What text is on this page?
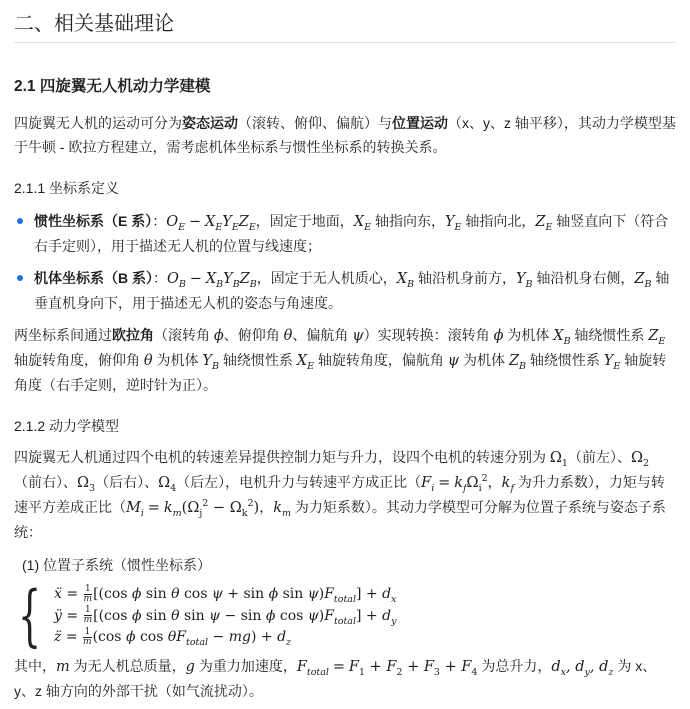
二、相关基础理论
2.1 四旋翼无人机动力学建模

四旋翼无人机的运动可分为姿态运动（滚转、俯仰、偏航）与位置运动（x、y、z 轴平移），其动力学模型基于牛顿 - 欧拉方程建立，需考虑机体坐标系与惯性坐标系的转换关系。

2.1.1 坐标系定义
惯性坐标系（E 系）：$O_E - X_EY_EZ_E$，固定于地面，$X_E$ 轴指向东，$Y_E$ 轴指向北，$Z_E$ 轴竖直向下（符合右手定则），用于描述无人机的位置与线速度；
机体坐标系（B 系）：$O_B - X_BY_BZ_B$，固定于无人机质心，$X_B$ 轴沿机身前方，$Y_B$ 轴沿机身右侧，$Z_B$ 轴垂直机身向下，用于描述无人机的姿态与角速度。

两坐标系间通过欧拉角（滚转角 ϕ、俯仰角 θ、偏航角 ψ）实现转换：滚转角 ϕ 为机体 $X_B$ 轴绕惯性系 $Z_E$ 轴旋转角度，俯仰角 θ 为机体 $Y_B$ 轴绕惯性系 $X_E$ 轴旋转角度，偏航角 ψ 为机体 $Z_B$ 轴绕惯性系 $Y_E$ 轴旋转角度（右手定则，逆时针为正）。

2.1.2 动力学模型

四旋翼无人机通过四个电机的转速差异提供控制力矩与升力，设四个电机的转速分别为 $\Omega_1$（前左）、$\Omega_2$（前右）、$\Omega_3$（后右）、$\Omega_4$（后左），电机升力与转速平方成正比（$F_i = k_f\Omega_i^2$，$k_f$ 为升力系数），力矩与转速平方差成正比（$M_i = k_m(\Omega_j^2 - \Omega_k^2)$，$k_m$ 为力矩系数）。其动力学模型可分解为位置子系统与姿态子系统：

(1) 位置子系统（惯性坐标系）
{ ẍ = $\frac{1}{m} [(\cos$ ϕ sin θ cos ψ + sin ϕ $\sin \psi)F_{total}] + d_x$
ÿ = $\frac{1}{m} [(\cos$ ϕ sin θ sin ψ − sin ϕ $\cos \psi)F_{total}] + d_y$
z̈ = $\frac{1}{m} (\cos$ ϕ $\cos \theta F_{total} - mg) + d_z$

其中，m 为无人机总质量，g 为重力加速度，$F_{total} = F_1 + F_2 + F_3 + F_4$ 为总升力，$d_x$, $d_y$, $d_z$ 为 x、y、z 轴方向的外部干扰（如气流扰动）。
